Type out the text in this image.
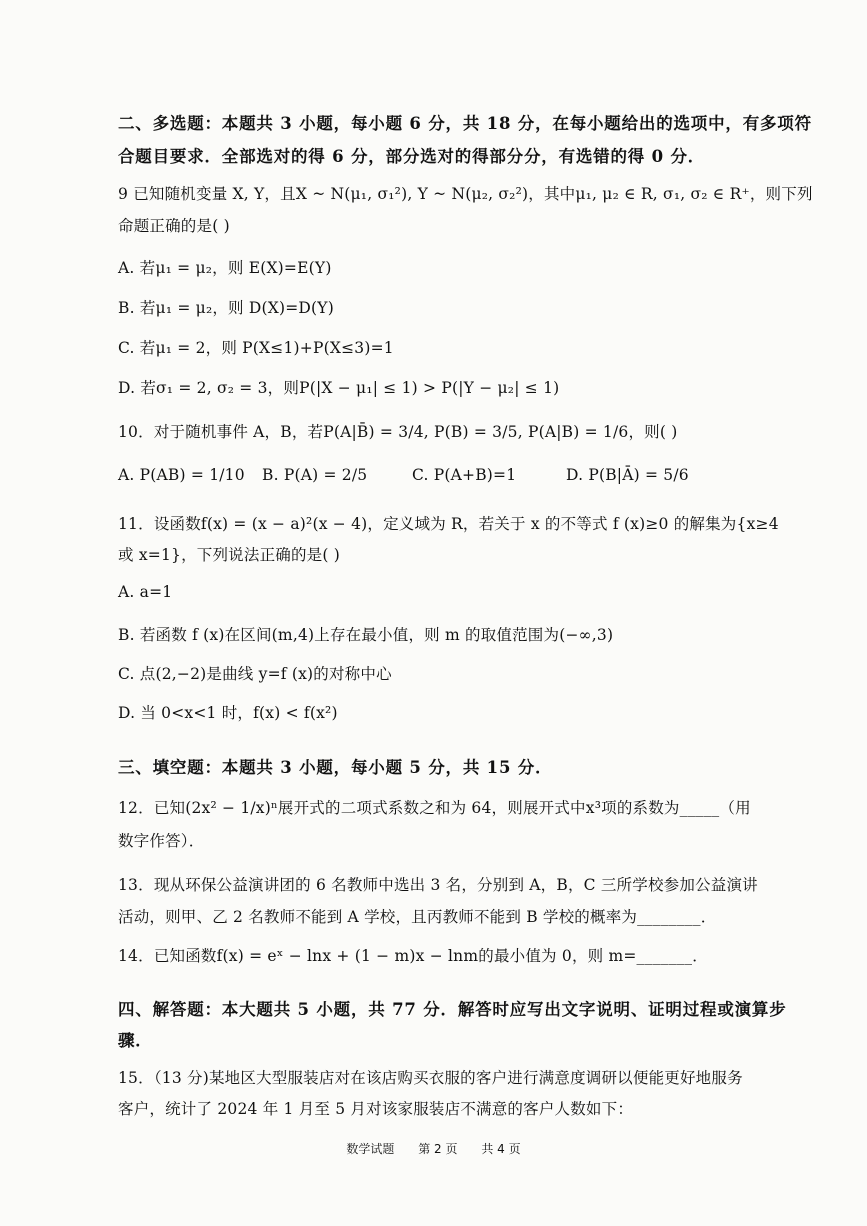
二、多选题：本题共 3 小题，每小题 6 分，共 18 分，在每小题给出的选项中，有多项符
合题目要求．全部选对的得 6 分，部分选对的得部分分，有选错的得 0 分．
9 已知随机变量 X, Y，且X ~ N(μ₁, σ₁²), Y ~ N(μ₂, σ₂²)，其中μ₁, μ₂ ∈ R, σ₁, σ₂ ∈ R⁺，则下列
命题正确的是( )
A. 若μ₁ = μ₂，则 E(X)=E(Y)
B. 若μ₁ = μ₂，则 D(X)=D(Y)
C. 若μ₁ = 2，则 P(X≤1)+P(X≤3)=1
D. 若σ₁ = 2, σ₂ = 3，则P(|X − μ₁| ≤ 1) > P(|Y − μ₂| ≤ 1)
10．对于随机事件 A，B，若P(A|B̄) = 3/4, P(B) = 3/5, P(A|B) = 1/6，则( )
A. P(AB) = 1/10 B. P(A) = 2/5	C. P(A+B)=1	D. P(B|Ā) = 5/6
11．设函数f(x) = (x − a)²(x − 4)，定义域为 R，若关于 x 的不等式 f (x)≥0 的解集为{x≥4
或 x=1}，下列说法正确的是( )
A. a=1
B. 若函数 f (x)在区间(m,4)上存在最小值，则 m 的取值范围为(−∞,3)
C. 点(2,−2)是曲线 y=f (x)的对称中心
D. 当 0<x<1 时，f(x) < f(x²)
三、填空题：本题共 3 小题，每小题 5 分，共 15 分．
12．已知(2x² − 1/x)ⁿ展开式的二项式系数之和为 64，则展开式中x³项的系数为_____（用
数字作答）．
13．现从环保公益演讲团的 6 名教师中选出 3 名，分别到 A，B，C 三所学校参加公益演讲
活动，则甲、乙 2 名教师不能到 A 学校，且丙教师不能到 B 学校的概率为________．
14．已知函数f(x) = eˣ − lnx + (1 − m)x − lnm的最小值为 0，则 m=_______．
四、解答题：本大题共 5 小题，共 77 分．解答时应写出文字说明、证明过程或演算步
骤．
15．（13 分)某地区大型服装店对在该店购买衣服的客户进行满意度调研以便能更好地服务
客户，统计了 2024 年 1 月至 5 月对该家服装店不满意的客户人数如下：
数学试题 第 2 页 共 4 页
